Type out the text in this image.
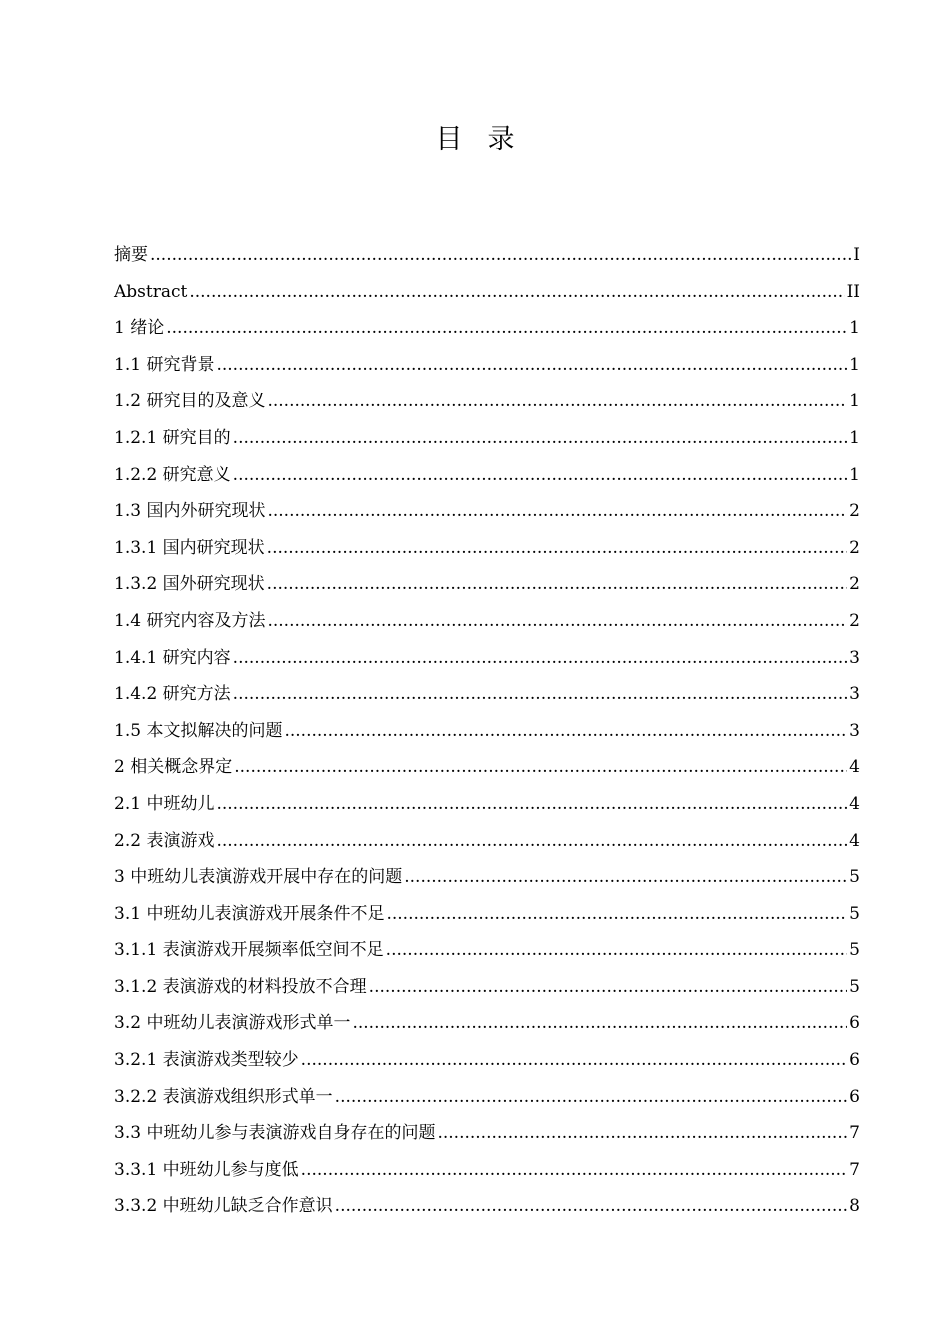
目录
摘要 .....	I
Abstract .....	II
1 绪论 .....	1
1.1 研究背景 .....	1
1.2 研究目的及意义 .....	1
1.2.1 研究目的 .....	1
1.2.2 研究意义 .....	1
1.3 国内外研究现状 .....	2
1.3.1 国内研究现状 .....	2
1.3.2 国外研究现状 .....	2
1.4 研究内容及方法 .....	2
1.4.1 研究内容 .....	3
1.4.2 研究方法 .....	3
1.5 本文拟解决的问题 .....	3
2 相关概念界定 .....	4
2.1 中班幼儿 .....	4
2.2 表演游戏 .....	4
3 中班幼儿表演游戏开展中存在的问题 .....	5
3.1 中班幼儿表演游戏开展条件不足 .....	5
3.1.1 表演游戏开展频率低空间不足 .....	5
3.1.2 表演游戏的材料投放不合理 .....	5
3.2 中班幼儿表演游戏形式单一 .....	6
3.2.1 表演游戏类型较少 .....	6
3.2.2 表演游戏组织形式单一 .....	6
3.3 中班幼儿参与表演游戏自身存在的问题 .....	7
3.3.1 中班幼儿参与度低 .....	7
3.3.2 中班幼儿缺乏合作意识 .....	8
